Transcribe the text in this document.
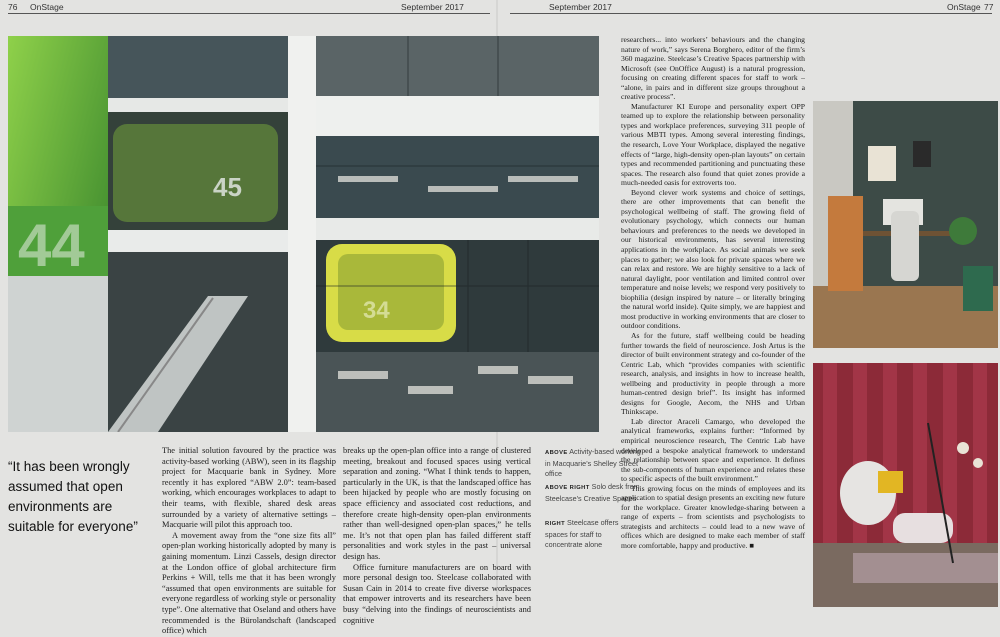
76 OnStage	September 2017	September 2017	OnStage 77
45
34
44
“It has been wrongly assumed that open environments are suitable for everyone”

The initial solution favoured by the practice was activity-based working (ABW), seen in its flagship project for Macquarie bank in Sydney. More recently it has explored “ABW 2.0”: team-based working, which encourages workplaces to adapt to their teams, with flexible, shared desk areas surrounded by a variety of alternative settings – Macquarie will pilot this approach too.

A movement away from the “one size fits all” open-plan working historically adopted by many is gaining momentum. Linzi Cassels, design director at the London office of global architecture firm Perkins + Will, tells me that it has been wrongly “assumed that open environments are suitable for everyone regardless of working style or personality type”. One alternative that Oseland and others have recommended is the Bürolandschaft (landscaped office) which

breaks up the open-plan office into a range of clustered meeting, breakout and focused spaces using vertical separation and zoning. “What I think tends to happen, particularly in the UK, is that the landscaped office has been hijacked by people who are mostly focusing on space efficiency and associated cost reductions, and therefore create high-density open-plan environments rather than well-designed open-plan spaces,” he tells me. It’s not that open plan has failed different staff personalities and work styles in the past – universal design has.

Office furniture manufacturers are on board with more personal design too. Steelcase collaborated with Susan Cain in 2014 to create five diverse workspaces that empower introverts and its researchers have been busy “delving into the findings of neuroscientists and cognitive

ABOVE Activity-based working in Macquarie’s Shelley Street office
ABOVE RIGHT Solo desk from Steelcase’s Creative Spaces
RIGHT Steelcase offers spaces for staff to concentrate alone

researchers... into workers’ behaviours and the changing nature of work,” says Serena Borghero, editor of the firm’s 360 magazine. Steelcase’s Creative Spaces partnership with Microsoft (see OnOffice August) is a natural progression, focusing on creating different spaces for staff to work – “alone, in pairs and in different size groups throughout a creative process”.

Manufacturer KI Europe and personality expert OPP teamed up to explore the relationship between personality types and workplace preferences, surveying 311 people of various MBTI types. Among several interesting findings, the research, Love Your Workplace, displayed the negative effects of “large, high-density open-plan layouts” on certain types and recommended partitioning and punctuating these spaces. The research also found that quiet zones provide a much-needed oasis for extroverts too.

Beyond clever work systems and choice of settings, there are other improvements that can benefit the psychological wellbeing of staff. The growing field of evolutionary psychology, which connects our human behaviours and preferences to the needs we developed in our historical environments, has several interesting applications in the workplace. As social animals we seek places to gather; we also look for private spaces where we can relax and restore. We are highly sensitive to a lack of natural daylight, poor ventilation and limited control over temperature and noise levels; we respond very positively to biophilia (design inspired by nature – or literally bringing the natural world inside). Quite simply, we are happiest and most productive in working environments that are closer to outdoor conditions.

As for the future, staff wellbeing could be heading further towards the field of neuroscience. Josh Artus is the director of built environment strategy and co-founder of the Centric Lab, which “provides companies with scientific research, analysis, and insights in how to increase health, wellbeing and productivity in people through a more human-centred design brief”. Its insight has informed designs for Google, Aecom, the NHS and Urban Thinkscape.

Lab director Araceli Camargo, who developed the analytical frameworks, explains further: “Informed by empirical neuroscience research, The Centric Lab have developed a bespoke analytical framework to understand the relationship between space and experience. It defines the sub-components of human experience and relates these to specific aspects of the built environment.”

This growing focus on the minds of employees and its application to spatial design presents an exciting new future for the workplace. Greater knowledge-sharing between a range of experts – from scientists and psychologists to strategists and architects – could lead to a new wave of offices which are designed to make each member of staff more comfortable, happy and productive. ■
